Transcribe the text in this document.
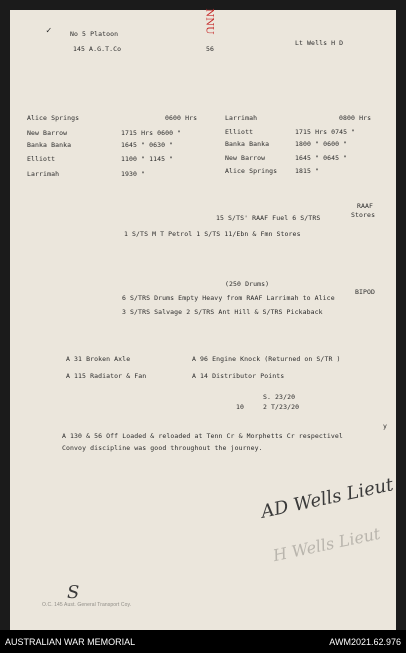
✓	No 5 Platoon
145 A.G.T.Co	56
NNU
Lt Wells H D
Alice Springs	0600 Hrs
New Barrow	1715 Hrs 0600 "
Banka Banka	1645 " 0630 "
Elliott	1100 " 1145 "
Larrimah	1930 "
Larrimah	0800 Hrs
Elliott	1715 Hrs 0745 "
Banka Banka	1800 " 0600 "
New Barrow	1645 " 0645 "
Alice Springs	1815 "
RAAF
Stores
15 S/TS' RAAF Fuel 6 S/TRS
1 S/TS M T Petrol 1 S/TS 11/Ebn & Fmn Stores
(250 Drums)
BIPOD
6 S/TRS Drums Empty Heavy from RAAF Larrimah to Alice
3 S/TRS Salvage 2 S/TRS Ant Hill & S/TRS Pickaback
A 31 Broken Axle	A 96 Engine Knock (Returned on S/TR )
A 115 Radiator & Fan	A 14 Distributor Points
S. 23/20
10	2 T/23/20
y
A 130 & 56 Off Loaded & reloaded at Tenn Cr & Morphetts Cr respectivel
Convoy discipline was good throughout the journey.
AD Wells Lieut
H Wells Lieut
S
O.C. 145 Aust. General Transport Coy.
AUSTRALIAN WAR MEMORIAL	AWM2021.62.976
